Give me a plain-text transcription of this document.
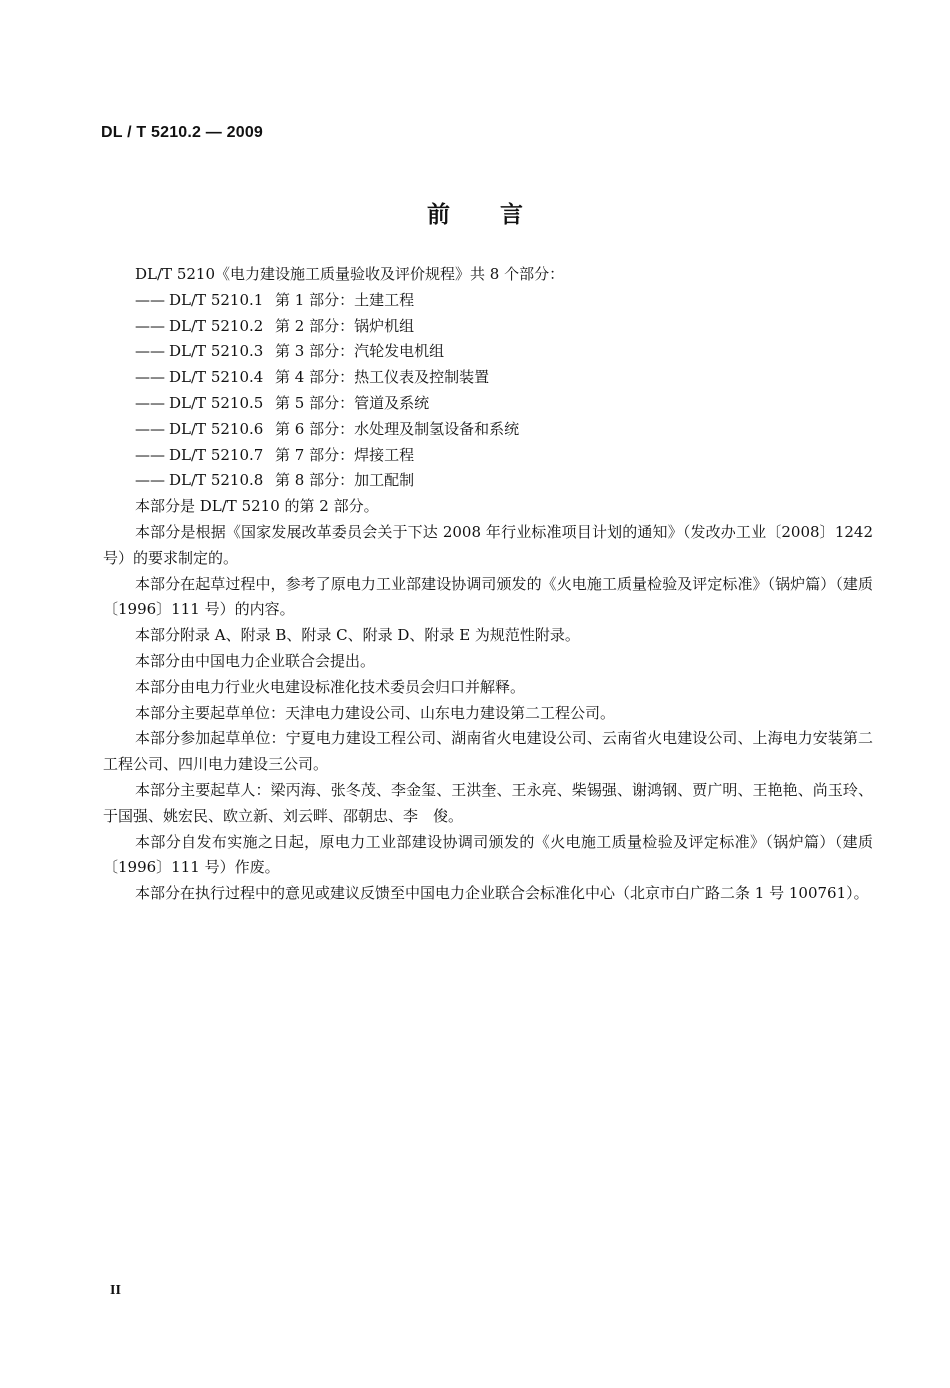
DL / T 5210.2 — 2009
前 言
DL/T 5210《电力建设施工质量验收及评价规程》共 8 个部分：
—— DL/T 5210.1 第 1 部分：土建工程
—— DL/T 5210.2 第 2 部分：锅炉机组
—— DL/T 5210.3 第 3 部分：汽轮发电机组
—— DL/T 5210.4 第 4 部分：热工仪表及控制装置
—— DL/T 5210.5 第 5 部分：管道及系统
—— DL/T 5210.6 第 6 部分：水处理及制氢设备和系统
—— DL/T 5210.7 第 7 部分：焊接工程
—— DL/T 5210.8 第 8 部分：加工配制
本部分是 DL/T 5210 的第 2 部分。
本部分是根据《国家发展改革委员会关于下达 2008 年行业标准项目计划的通知》（发改办工业〔2008〕1242 号）的要求制定的。
本部分在起草过程中，参考了原电力工业部建设协调司颁发的《火电施工质量检验及评定标准》（锅炉篇）（建质〔1996〕111 号）的内容。
本部分附录 A、附录 B、附录 C、附录 D、附录 E 为规范性附录。
本部分由中国电力企业联合会提出。
本部分由电力行业火电建设标准化技术委员会归口并解释。
本部分主要起草单位：天津电力建设公司、山东电力建设第二工程公司。
本部分参加起草单位：宁夏电力建设工程公司、湖南省火电建设公司、云南省火电建设公司、上海电力安装第二工程公司、四川电力建设三公司。
本部分主要起草人：梁丙海、张冬茂、李金玺、王洪奎、王永亮、柴锡强、谢鸿钢、贾广明、王艳艳、尚玉玲、于国强、姚宏民、欧立新、刘云畔、邵朝忠、李　俊。
本部分自发布实施之日起，原电力工业部建设协调司颁发的《火电施工质量检验及评定标准》（锅炉篇）（建质〔1996〕111 号）作废。
本部分在执行过程中的意见或建议反馈至中国电力企业联合会标准化中心（北京市白广路二条 1 号 100761）。
II
